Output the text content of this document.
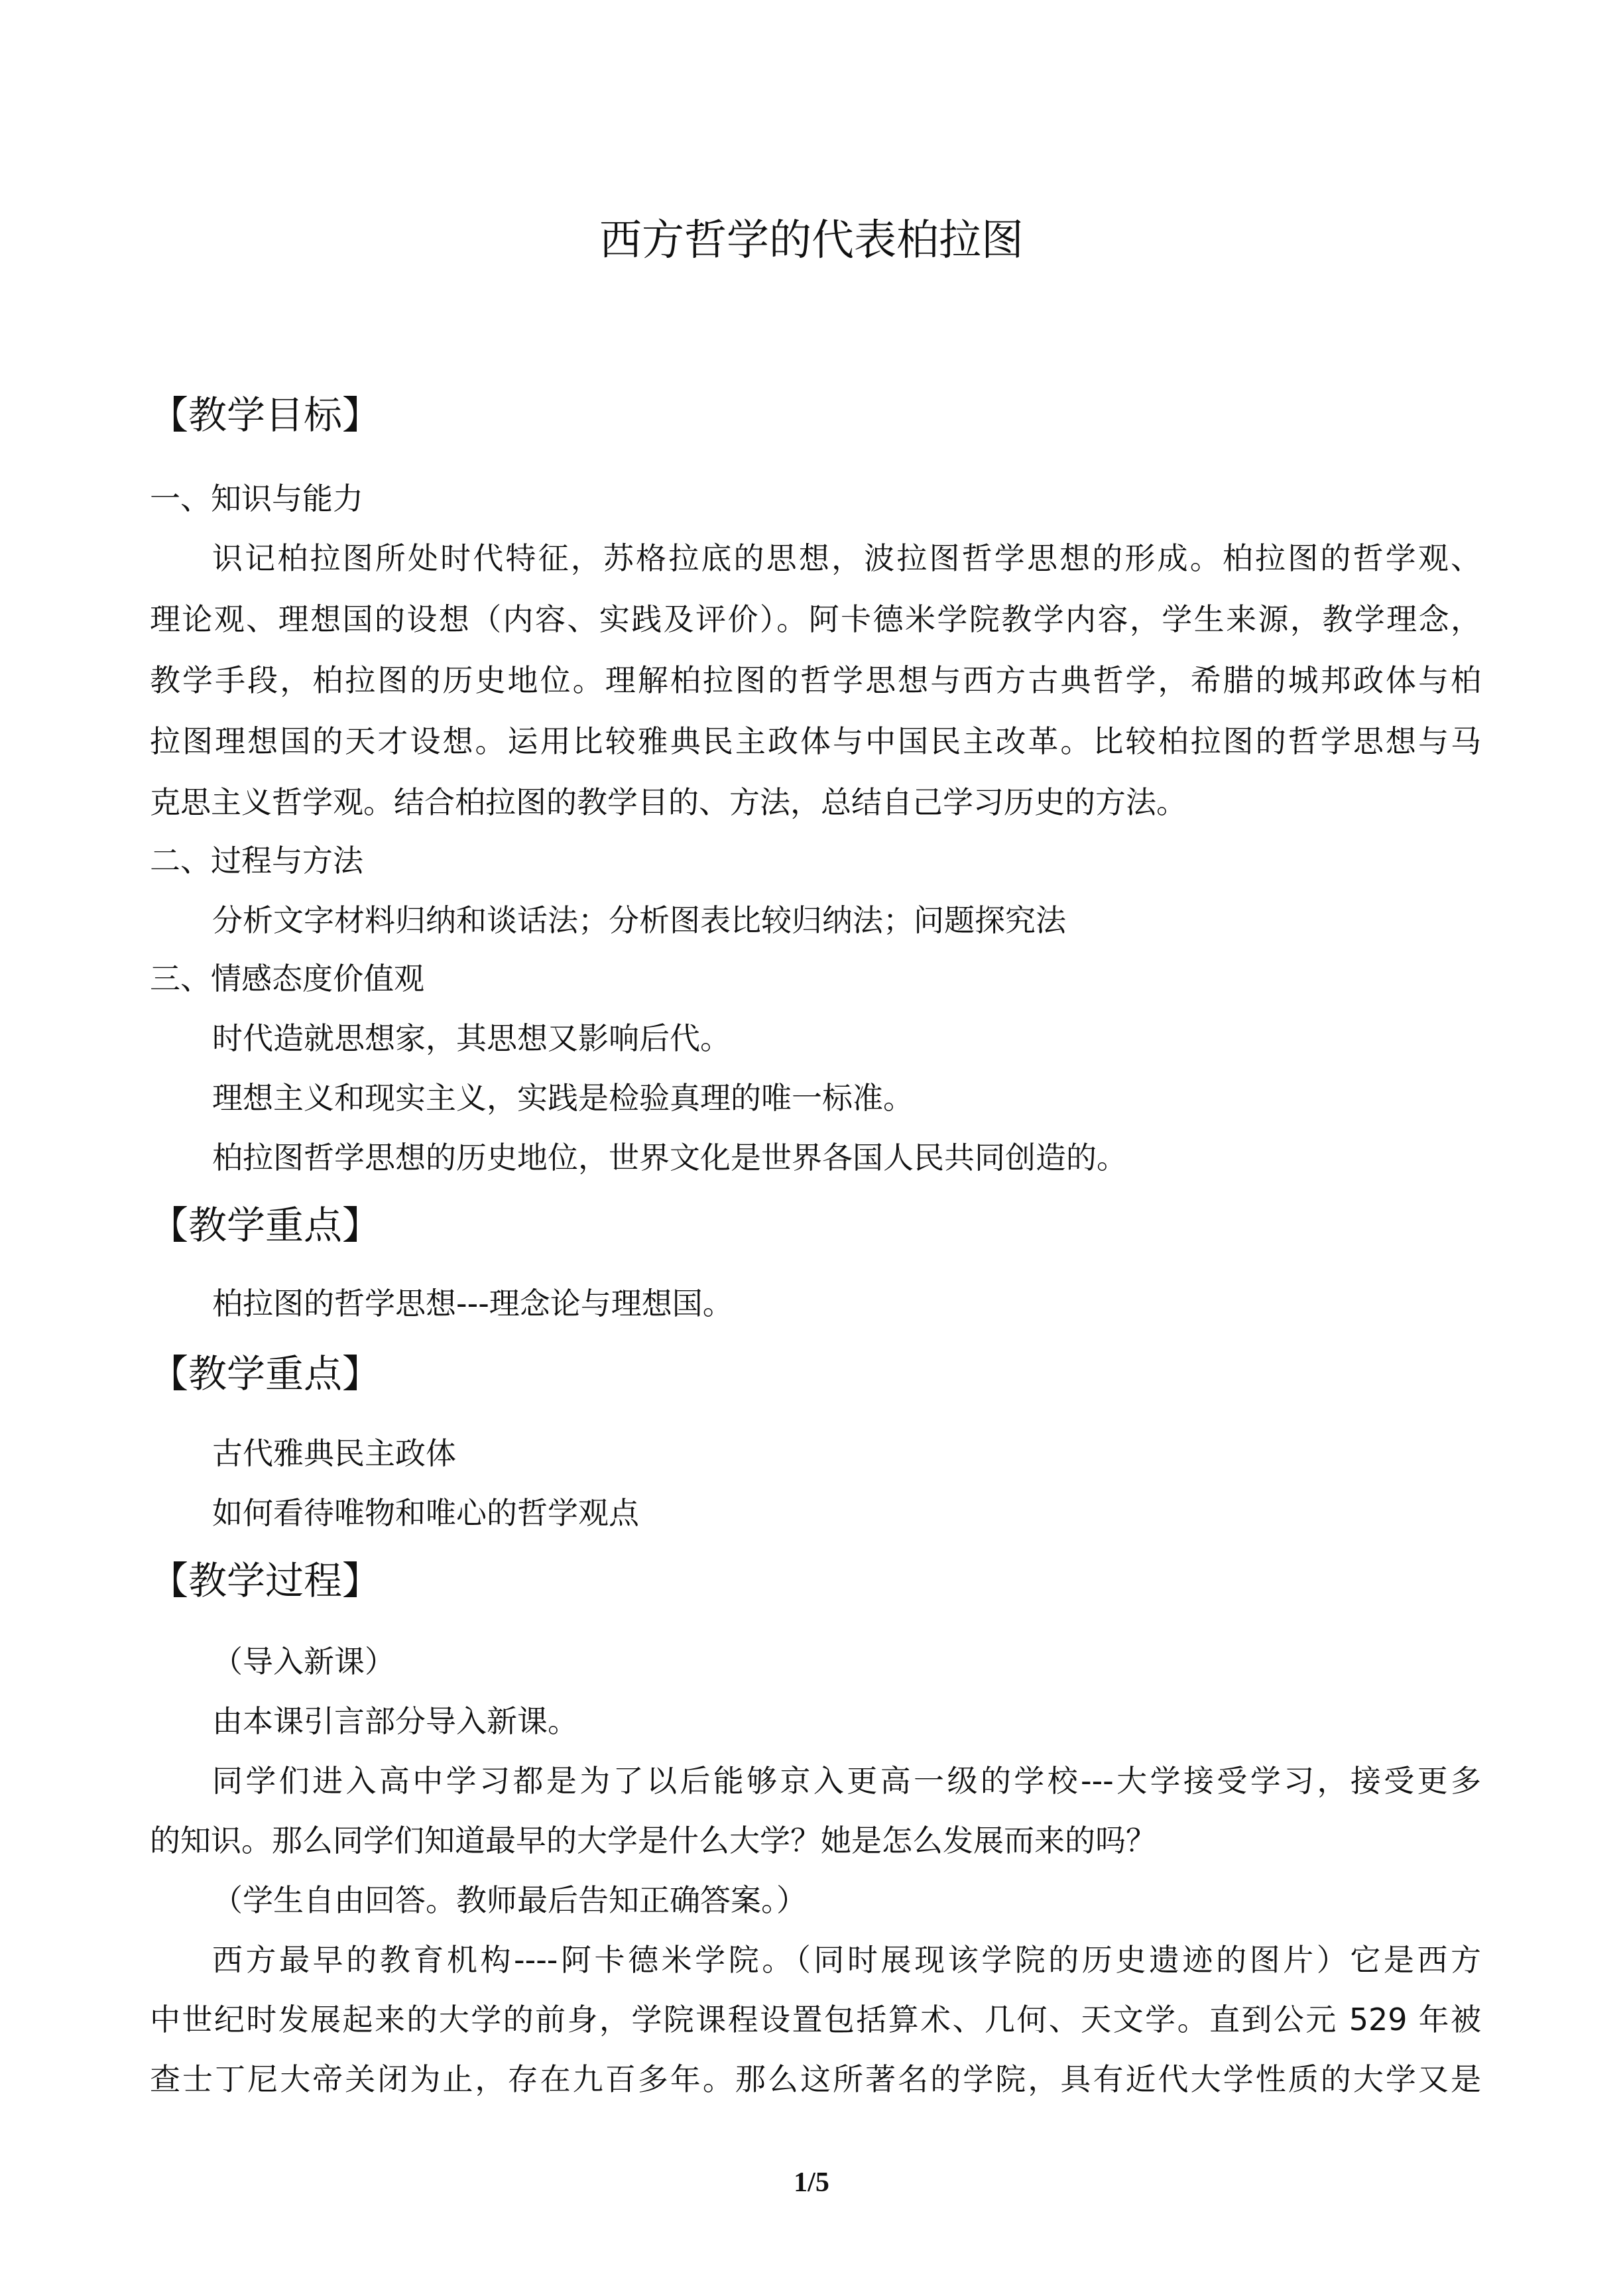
西方哲学的代表柏拉图
【教学目标】
一、知识与能力
识记柏拉图所处时代特征，苏格拉底的思想，波拉图哲学思想的形成。柏拉图的哲学观、
理论观、理想国的设想（内容、实践及评价）。阿卡德米学院教学内容，学生来源，教学理念，
教学手段，柏拉图的历史地位。理解柏拉图的哲学思想与西方古典哲学，希腊的城邦政体与柏
拉图理想国的天才设想。运用比较雅典民主政体与中国民主改革。比较柏拉图的哲学思想与马
克思主义哲学观。结合柏拉图的教学目的、方法，总结自己学习历史的方法。
二、过程与方法
分析文字材料归纳和谈话法；分析图表比较归纳法；问题探究法
三、情感态度价值观
时代造就思想家，其思想又影响后代。
理想主义和现实主义，实践是检验真理的唯一标准。
柏拉图哲学思想的历史地位，世界文化是世界各国人民共同创造的。
【教学重点】
柏拉图的哲学思想---理念论与理想国。
【教学重点】
古代雅典民主政体
如何看待唯物和唯心的哲学观点
【教学过程】
（导入新课）
由本课引言部分导入新课。
同学们进入高中学习都是为了以后能够京入更高一级的学校---大学接受学习，接受更多
的知识。那么同学们知道最早的大学是什么大学？她是怎么发展而来的吗？
（学生自由回答。教师最后告知正确答案。）
西方最早的教育机构----阿卡德米学院。（同时展现该学院的历史遗迹的图片）它是西方
中世纪时发展起来的大学的前身，学院课程设置包括算术、几何、天文学。直到公元 529 年被
查士丁尼大帝关闭为止，存在九百多年。那么这所著名的学院，具有近代大学性质的大学又是
1/5
